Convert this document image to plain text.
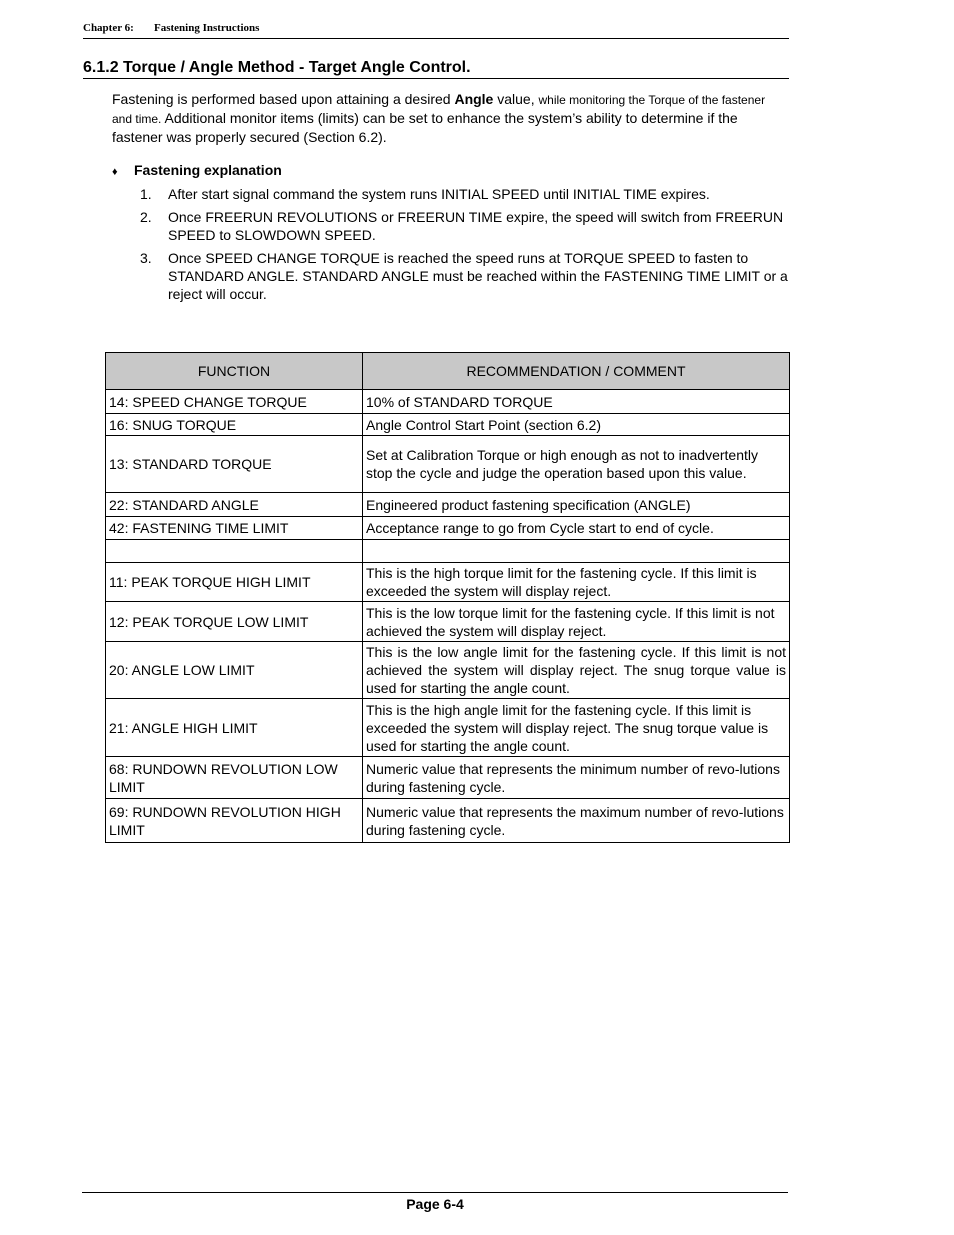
Chapter 6: Fastening Instructions
6.1.2 Torque / Angle Method - Target Angle Control.
Fastening is performed based upon attaining a desired Angle value, while monitoring the Torque of the fastener and time. Additional monitor items (limits) can be set to enhance the system’s ability to determine if the fastener was properly secured (Section 6.2).
♦ Fastening explanation
1. After start signal command the system runs INITIAL SPEED until INITIAL TIME expires.
2. Once FREERUN REVOLUTIONS or FREERUN TIME expire, the speed will switch from FREERUN SPEED to SLOWDOWN SPEED.
3. Once SPEED CHANGE TORQUE is reached the speed runs at TORQUE SPEED to fasten to STANDARD ANGLE. STANDARD ANGLE must be reached within the FASTENING TIME LIMIT or a reject will occur.
FUNCTION	RECOMMENDATION / COMMENT
14: SPEED CHANGE TORQUE	10% of STANDARD TORQUE
16: SNUG TORQUE	Angle Control Start Point (section 6.2)
13: STANDARD TORQUE	Set at Calibration Torque or high enough as not to inadvertently stop the cycle and judge the operation based upon this value.
22: STANDARD ANGLE	Engineered product fastening specification (ANGLE)
42: FASTENING TIME LIMIT	Acceptance range to go from Cycle start to end of cycle.

11: PEAK TORQUE HIGH LIMIT	This is the high torque limit for the fastening cycle. If this limit is exceeded the system will display reject.
12: PEAK TORQUE LOW LIMIT	This is the low torque limit for the fastening cycle. If this limit is not achieved the system will display reject.
20: ANGLE LOW LIMIT	This is the low angle limit for the fastening cycle. If this limit is not achieved the system will display reject. The snug torque value is used for starting the angle count.
21: ANGLE HIGH LIMIT	This is the high angle limit for the fastening cycle. If this limit is exceeded the system will display reject. The snug torque value is used for starting the angle count.
68: RUNDOWN REVOLUTION LOW LIMIT	Numeric value that represents the minimum number of revo-lutions during fastening cycle.
69: RUNDOWN REVOLUTION HIGH LIMIT	Numeric value that represents the maximum number of revo-lutions during fastening cycle.
Page 6-4
